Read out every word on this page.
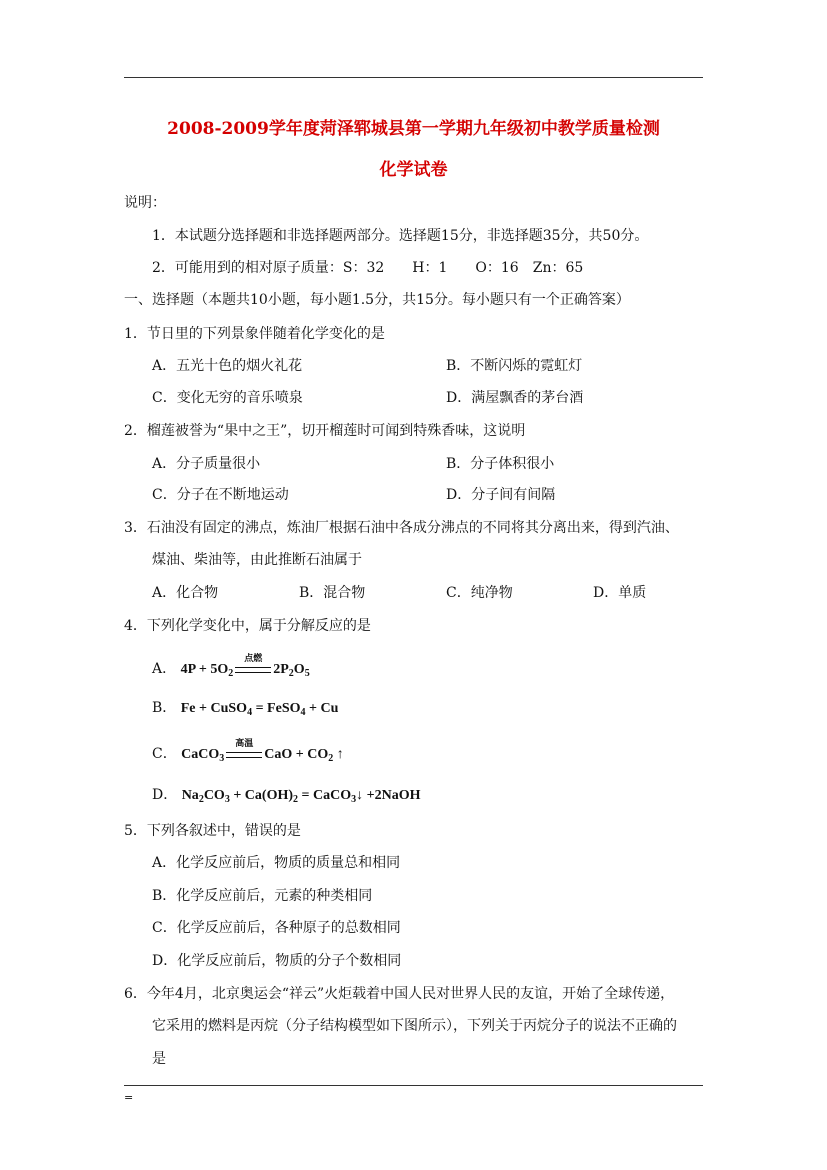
2008-2009学年度菏泽郓城县第一学期九年级初中教学质量检测
化学试卷
说明：
1．本试题分选择题和非选择题两部分。选择题15分，非选择题35分，共50分。
2．可能用到的相对原子质量：S：32　　H：1　　O：16　Zn：65
一、选择题（本题共10小题，每小题1.5分，共15分。每小题只有一个正确答案）
1．节日里的下列景象伴随着化学变化的是
A．五光十色的烟火礼花	B．不断闪烁的霓虹灯
C．变化无穷的音乐喷泉	D．满屋飘香的茅台酒
2．榴莲被誉为“果中之王”，切开榴莲时可闻到特殊香味，这说明
A．分子质量很小	B．分子体积很小
C．分子在不断地运动	D．分子间有间隔
3．石油没有固定的沸点，炼油厂根据石油中各成分沸点的不同将其分离出来，得到汽油、
煤油、柴油等，由此推断石油属于
A．化合物	B．混合物	C．纯净物	D．单质
4．下列化学变化中，属于分解反应的是
A． $4P + 5O_2$
点燃
$2P_2O_5$
B． Fe + CuSO$_4$ = FeSO$_4$ + Cu
C． CaCO$_3$
高温
CaO + $CO_2$ ↑
D． $Na_2CO_3 + Ca(OH)_2$ = CaCO$_3$↓ +2NaOH
5．下列各叙述中，错误的是
A．化学反应前后，物质的质量总和相同
B．化学反应前后，元素的种类相同
C．化学反应前后，各种原子的总数相同
D．化学反应前后，物质的分子个数相同
6．今年4月，北京奥运会“祥云”火炬载着中国人民对世界人民的友谊，开始了全球传递，
它采用的燃料是丙烷（分子结构模型如下图所示），下列关于丙烷分子的说法不正确的
是
=
